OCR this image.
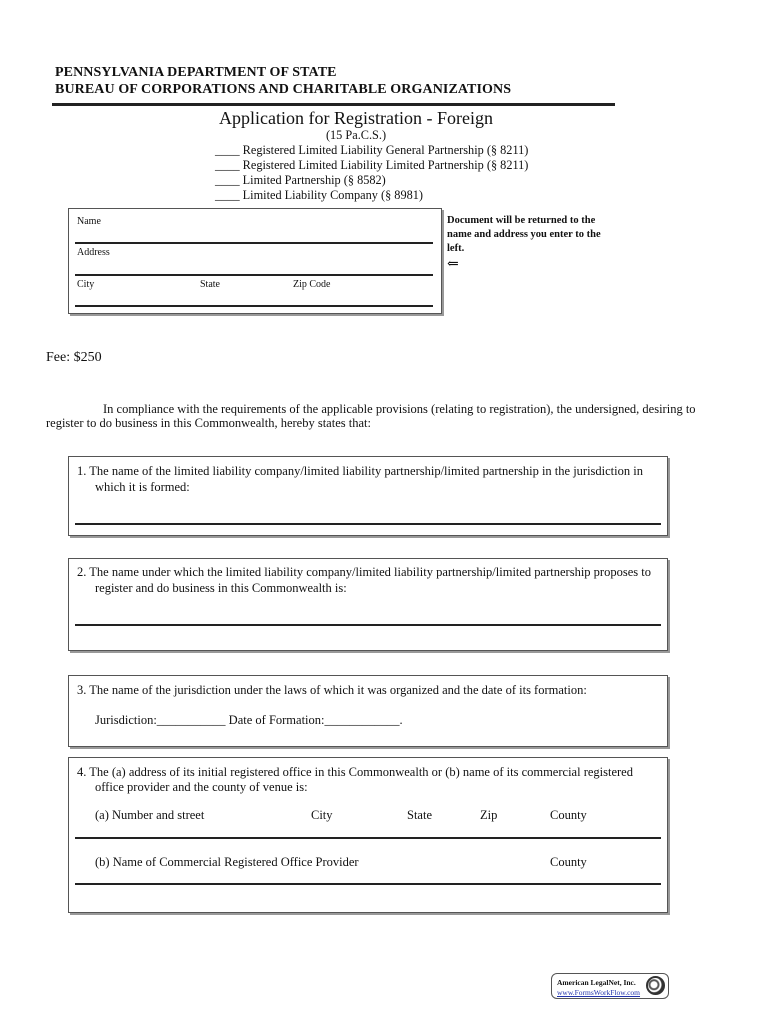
PENNSYLVANIA DEPARTMENT OF STATE
BUREAU OF CORPORATIONS AND CHARITABLE ORGANIZATIONS
Application for Registration - Foreign
(15 Pa.C.S.)
____ Registered Limited Liability General Partnership (§ 8211)
____ Registered Limited Liability Limited Partnership (§ 8211)
____ Limited Partnership (§ 8582)
____ Limited Liability Company (§ 8981)
Name
Address
City	State	Zip Code
Document will be returned to the name and address you enter to the left.
⇐
Fee: $250
In compliance with the requirements of the applicable provisions (relating to registration), the undersigned, desiring to
register to do business in this Commonwealth, hereby states that:
1. The name of the limited liability company/limited liability partnership/limited partnership in the jurisdiction in
which it is formed:
2. The name under which the limited liability company/limited liability partnership/limited partnership proposes to
register and do business in this Commonwealth is:
3. The name of the jurisdiction under the laws of which it was organized and the date of its formation:
Jurisdiction:___________ Date of Formation:____________.
4. The (a) address of its initial registered office in this Commonwealth or (b) name of its commercial registered
office provider and the county of venue is:
(a) Number and street	City	State	Zip	County
(b) Name of Commercial Registered Office Provider	County
American LegalNet, Inc.
www.FormsWorkFlow.com
